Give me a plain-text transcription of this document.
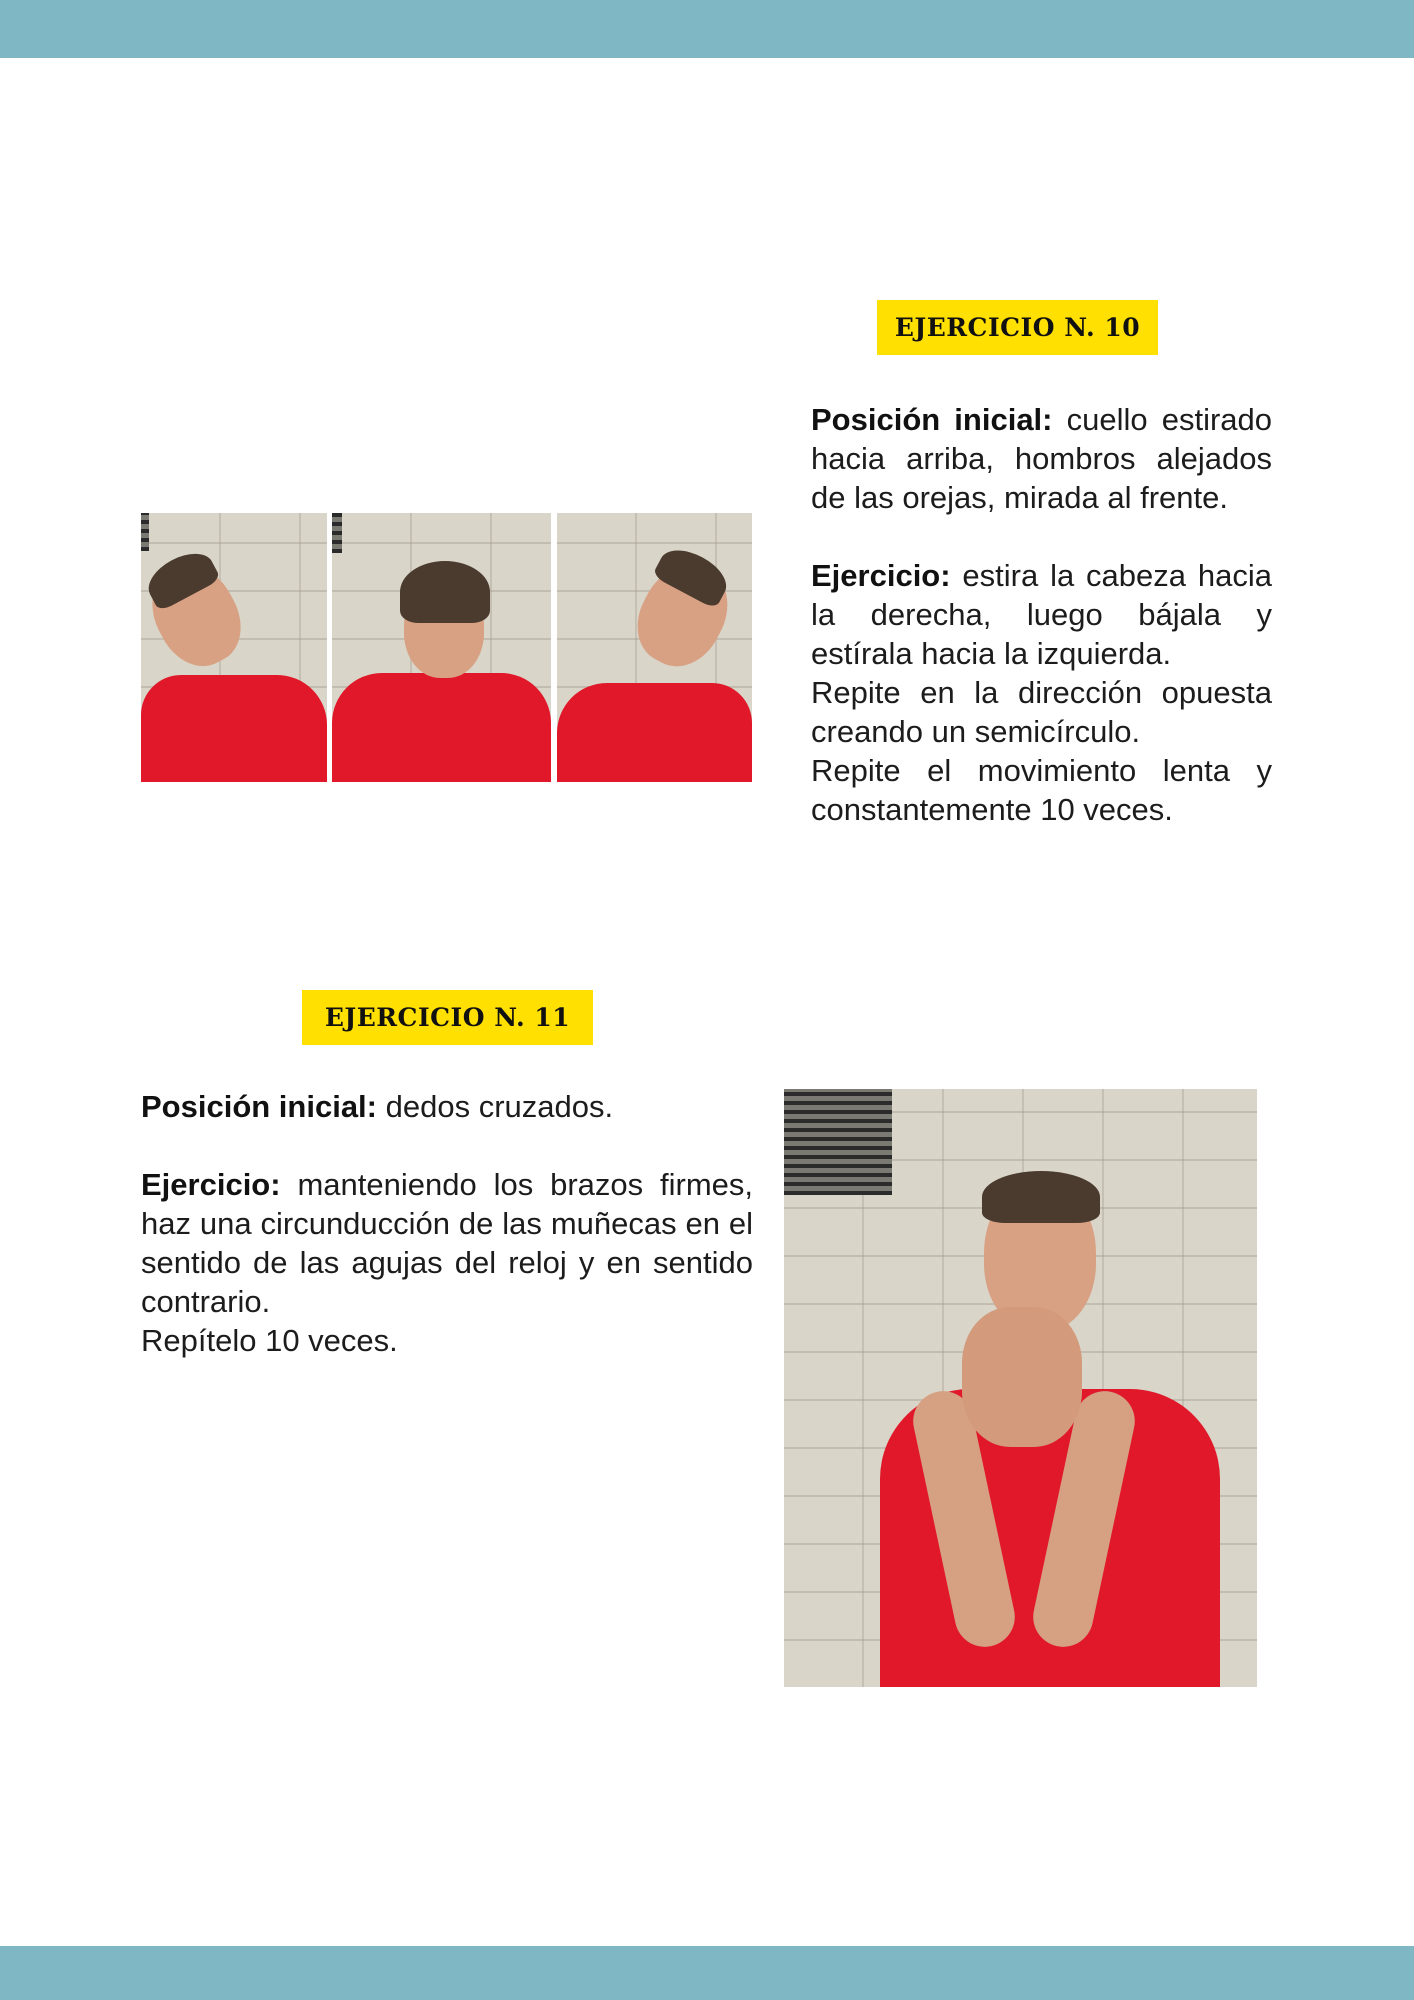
EJERCICIO N. 10

Posición inicial: cuello estirado hacia arriba, hombros alejados de las orejas, mirada al frente.

Ejercicio: estira la cabeza hacia la derecha, luego bájala y estírala hacia la izquierda.

Repite en la dirección opuesta creando un semicírculo.

Repite el movimiento lenta y constantemente 10 veces.

EJERCICIO N. 11

Posición inicial: dedos cruzados.

Ejercicio: manteniendo los brazos firmes, haz una circunducción de las muñecas en el sentido de las agujas del reloj y en sentido contrario.

Repítelo 10 veces.
